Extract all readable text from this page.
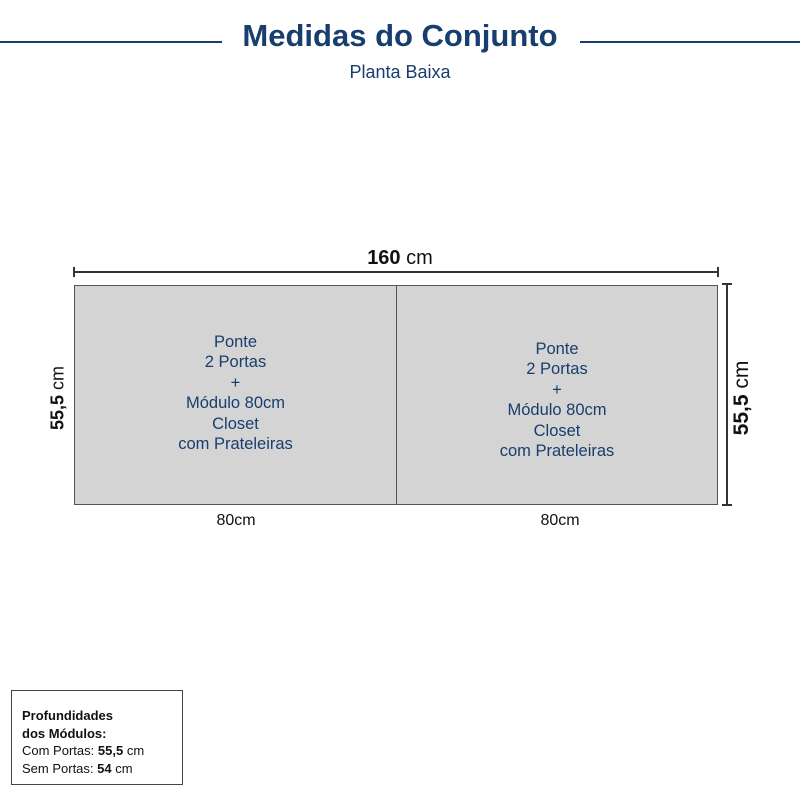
Medidas do Conjunto
Planta Baixa
160 cm
Ponte
2 Portas
+
Módulo 80cm
Closet
com Prateleiras
Ponte
2 Portas
+
Módulo 80cm
Closet
com Prateleiras
80cm	80cm
55,5 cm
55,5 cm
Profundidades
dos Módulos:
Com Portas: 55,5 cm
Sem Portas: 54 cm
